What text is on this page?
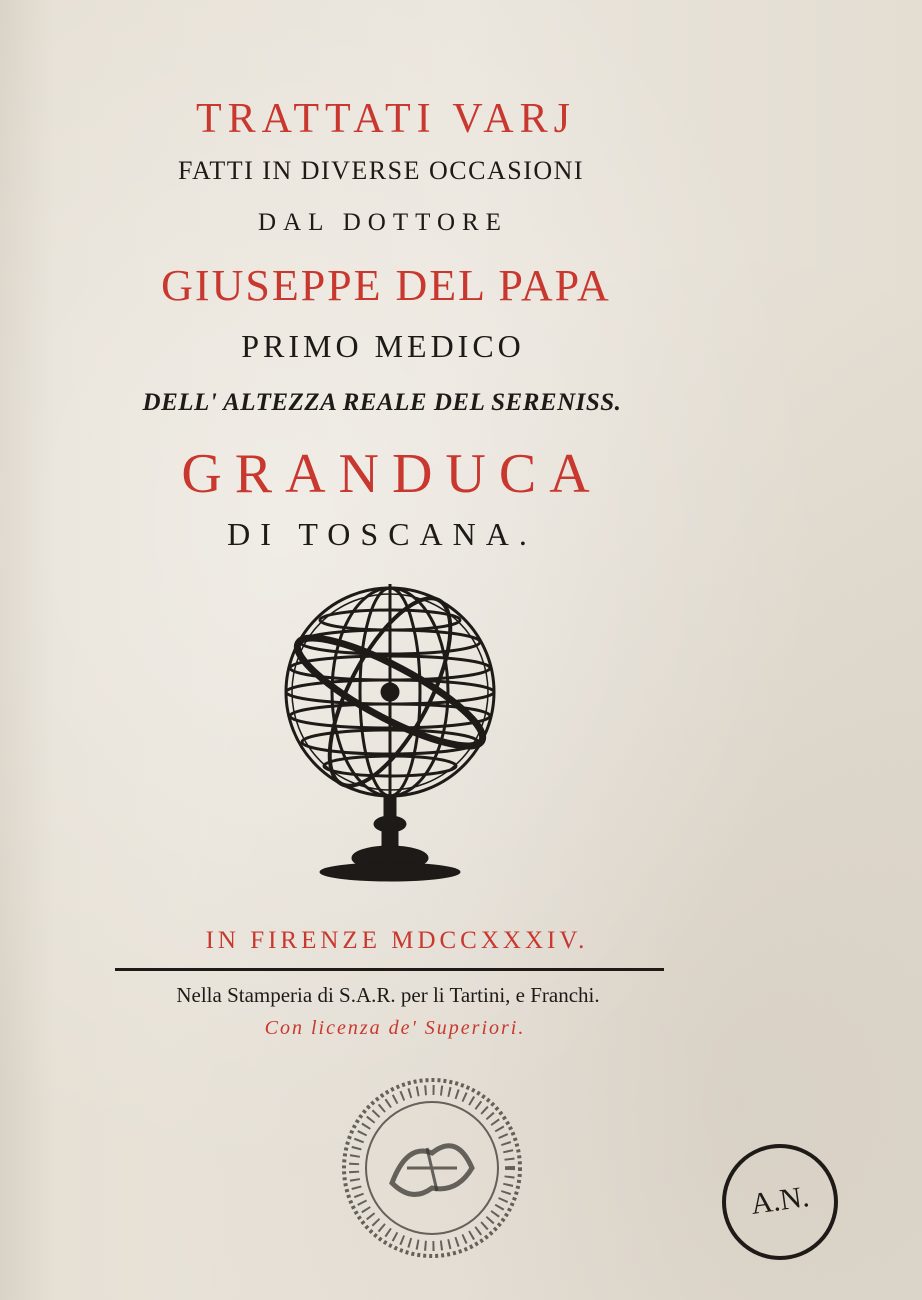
TRATTATI VARJ
FATTI IN DIVERSE OCCASIONI
DAL DOTTORE
GIUSEPPE DEL PAPA
PRIMO MEDICO
DELL' ALTEZZA REALE DEL SERENISS.
GRANDUCA
DI TOSCANA.
IN FIRENZE MDCCXXXIV.
Nella Stamperia di S.A.R. per li Tartini, e Franchi.
Con licenza de' Superiori.
A.N.
